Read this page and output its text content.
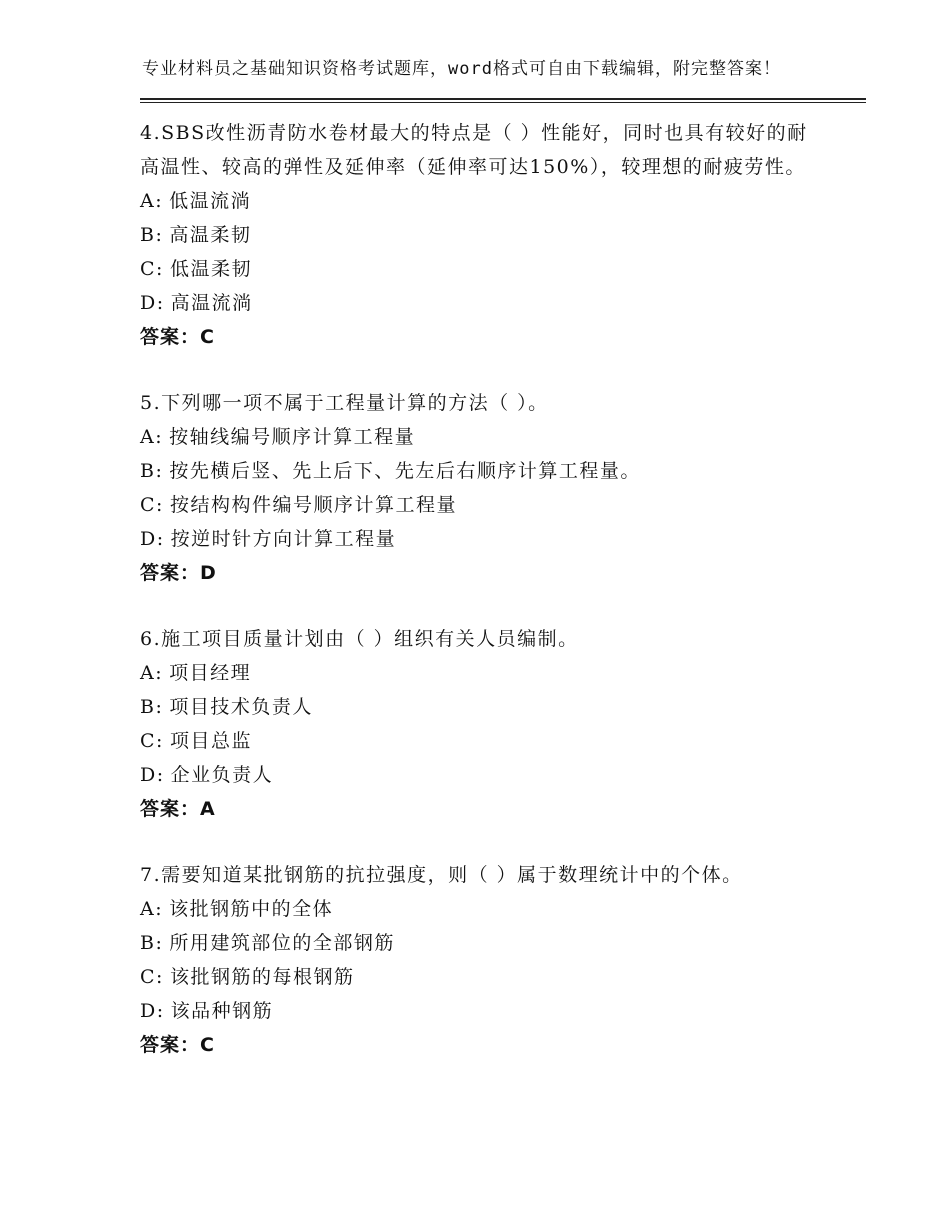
专业材料员之基础知识资格考试题库，word格式可自由下载编辑，附完整答案！

4.SBS改性沥青防水卷材最大的特点是（ ）性能好，同时也具有较好的耐高温性、较高的弹性及延伸率（延伸率可达150%），较理想的耐疲劳性。

A: 低温流淌

B: 高温柔韧

C: 低温柔韧

D: 高温流淌

答案：C

5.下列哪一项不属于工程量计算的方法（ ）。

A: 按轴线编号顺序计算工程量

B: 按先横后竖、先上后下、先左后右顺序计算工程量。

C: 按结构构件编号顺序计算工程量

D: 按逆时针方向计算工程量

答案：D

6.施工项目质量计划由（ ）组织有关人员编制。

A: 项目经理

B: 项目技术负责人

C: 项目总监

D: 企业负责人

答案：A

7.需要知道某批钢筋的抗拉强度，则（ ）属于数理统计中的个体。

A: 该批钢筋中的全体

B: 所用建筑部位的全部钢筋

C: 该批钢筋的每根钢筋

D: 该品种钢筋

答案：C
